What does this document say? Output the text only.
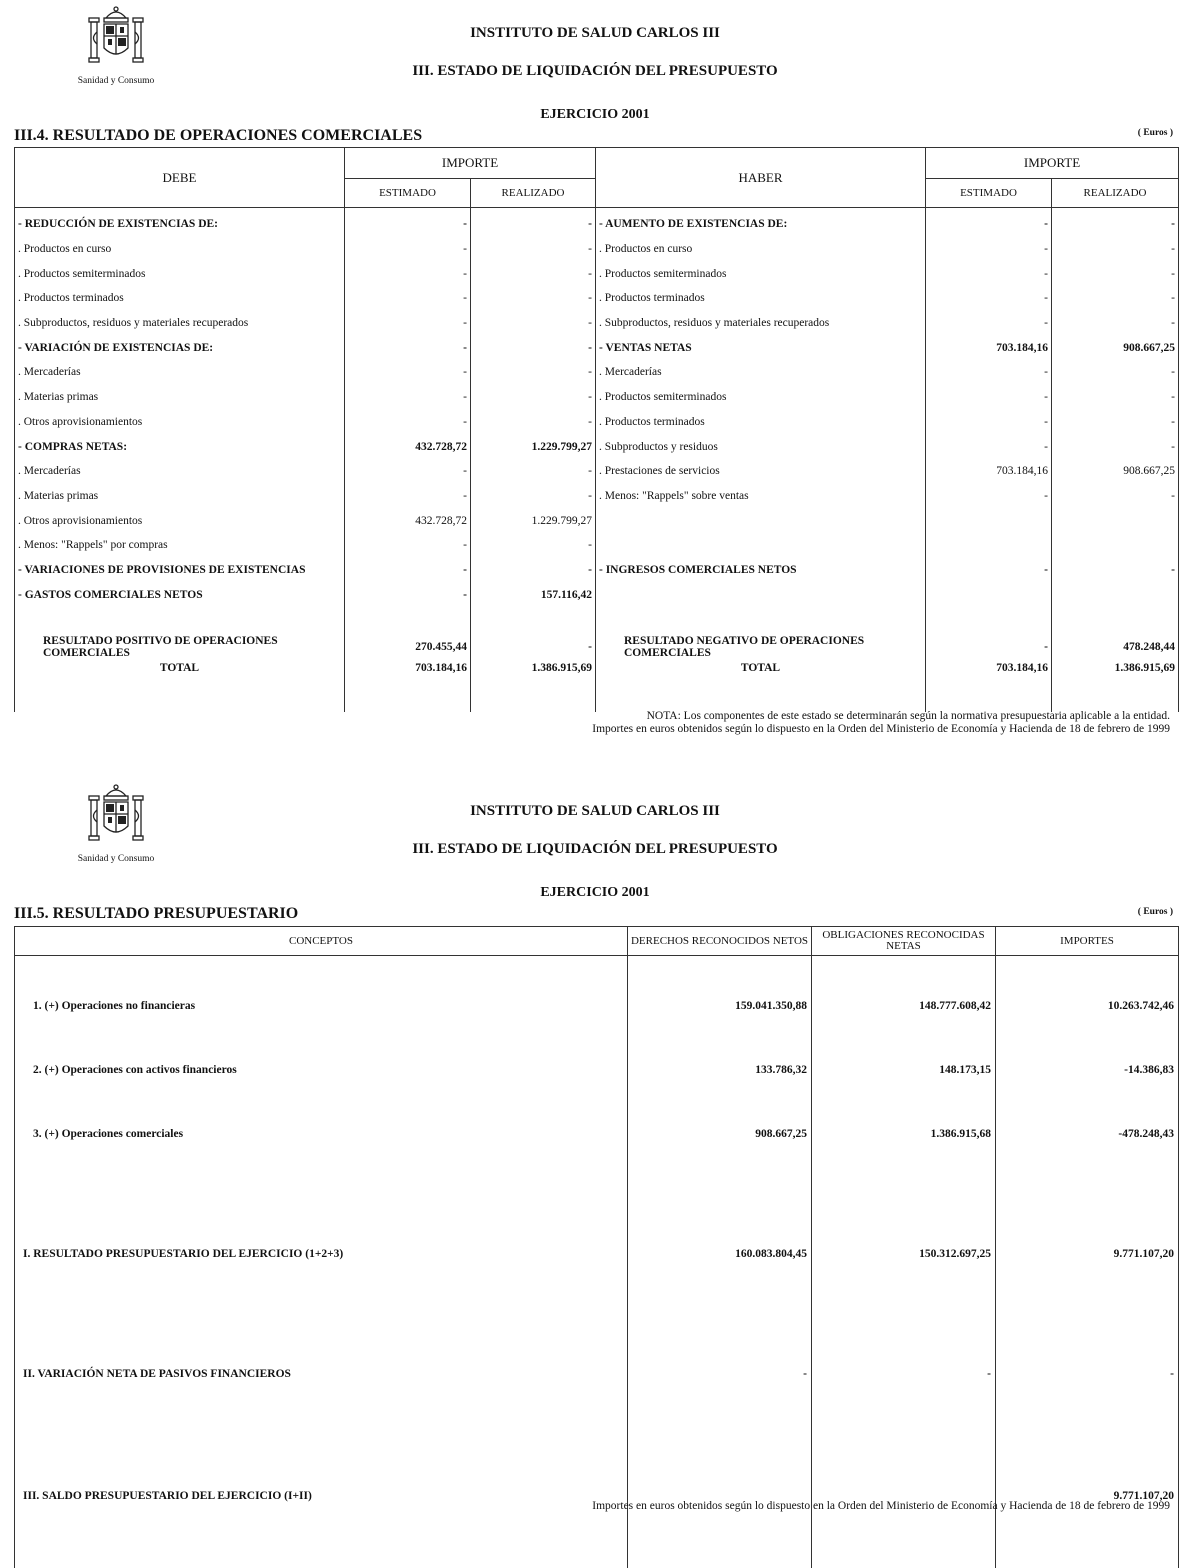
Sanidad y Consumo
INSTITUTO DE SALUD CARLOS III
III. ESTADO DE LIQUIDACIÓN DEL PRESUPUESTO
EJERCICIO 2001
III.4. RESULTADO DE OPERACIONES COMERCIALES	( Euros )
DEBE	IMPORTE		HABER	IMPORTE	
	ESTIMADO	REALIZADO		ESTIMADO	REALIZADO
- REDUCCIÓN DE EXISTENCIAS DE:	-	-	- AUMENTO DE EXISTENCIAS DE:	-	-
. Productos en curso	-	-	. Productos en curso	-	-
. Productos semiterminados	-	-	. Productos semiterminados	-	-
. Productos terminados	-	-	. Productos terminados	-	-
. Subproductos, residuos y materiales recuperados	-	-	. Subproductos, residuos y materiales recuperados	-	-
- VARIACIÓN DE EXISTENCIAS DE:	-	-	- VENTAS NETAS	703.184,16	908.667,25
. Mercaderías	-	-	. Mercaderías	-	-
. Materias primas	-	-	. Productos semiterminados	-	-
. Otros aprovisionamientos	-	-	. Productos terminados	-	-
- COMPRAS NETAS:	432.728,72	1.229.799,27	. Subproductos y residuos	-	-
. Mercaderías	-	-	. Prestaciones de servicios	703.184,16	908.667,25
. Materias primas	-	-	. Menos: "Rappels" sobre ventas	-	-
. Otros aprovisionamientos	432.728,72	1.229.799,27			
. Menos: "Rappels" por compras	-	-			
- VARIACIONES DE PROVISIONES DE EXISTENCIAS	-	-	- INGRESOS COMERCIALES NETOS	-	-
- GASTOS COMERCIALES NETOS	-	157.116,42			

RESULTADO POSITIVO DE OPERACIONES COMERCIALES	270.455,44	-	RESULTADO NEGATIVO DE OPERACIONES COMERCIALES	-	478.248,44
TOTAL	703.184,16	1.386.915,69	TOTAL	703.184,16	1.386.915,69

NOTA: Los componentes de este estado se determinarán según la normativa presupuestaria aplicable a la entidad.
Importes en euros obtenidos según lo dispuesto en la Orden del Ministerio de Economía y Hacienda de 18 de febrero de 1999
Sanidad y Consumo
INSTITUTO DE SALUD CARLOS III
III. ESTADO DE LIQUIDACIÓN DEL PRESUPUESTO
EJERCICIO 2001
III.5. RESULTADO PRESUPUESTARIO	( Euros )
CONCEPTOS	DERECHOS RECONOCIDOS NETOS	OBLIGACIONES RECONOCIDAS NETAS	IMPORTES
1. (+) Operaciones no financieras	159.041.350,88	148.777.608,42	10.263.742,46
2. (+) Operaciones con activos financieros	133.786,32	148.173,15	-14.386,83
3. (+) Operaciones comerciales	908.667,25	1.386.915,68	-478.248,43
I. RESULTADO PRESUPUESTARIO DEL EJERCICIO (1+2+3)	160.083.804,45	150.312.697,25	9.771.107,20
II. VARIACIÓN NETA DE PASIVOS FINANCIEROS	-	-	-
III. SALDO PRESUPUESTARIO DEL EJERCICIO (I+II)			9.771.107,20

Importes en euros obtenidos según lo dispuesto en la Orden del Ministerio de Economía y Hacienda de 18 de febrero de 1999
